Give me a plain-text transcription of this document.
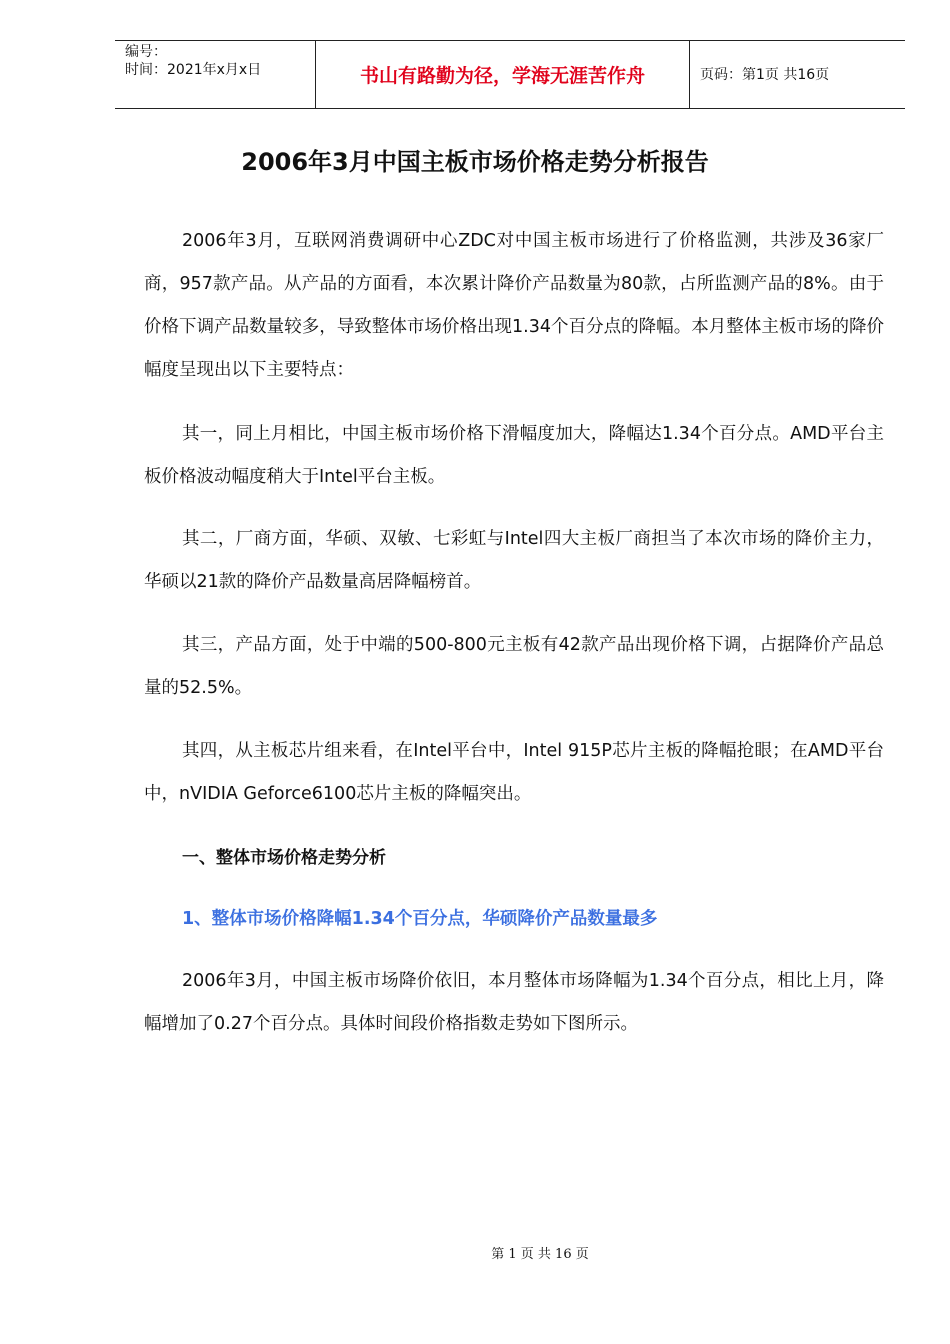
编号：
时间：2021年x月x日	书山有路勤为径，学海无涯苦作舟	页码：第1页 共16页
2006年3月中国主板市场价格走势分析报告

2006年3月，互联网消费调研中心ZDC对中国主板市场进行了价格监测，共涉及36家厂商，957款产品。从产品的方面看，本次累计降价产品数量为80款，占所监测产品的8%。由于价格下调产品数量较多，导致整体市场价格出现1.34个百分点的降幅。本月整体主板市场的降价幅度呈现出以下主要特点：

其一，同上月相比，中国主板市场价格下滑幅度加大，降幅达1.34个百分点。AMD平台主板价格波动幅度稍大于Intel平台主板。

其二，厂商方面，华硕、双敏、七彩虹与Intel四大主板厂商担当了本次市场的降价主力，华硕以21款的降价产品数量高居降幅榜首。

其三，产品方面，处于中端的500-800元主板有42款产品出现价格下调，占据降价产品总量的52.5%。

其四，从主板芯片组来看，在Intel平台中，Intel 915P芯片主板的降幅抢眼；在AMD平台中，nVIDIA Geforce6100芯片主板的降幅突出。

一、整体市场价格走势分析
1、整体市场价格降幅1.34个百分点，华硕降价产品数量最多

2006年3月，中国主板市场降价依旧，本月整体市场降幅为1.34个百分点，相比上月，降幅增加了0.27个百分点。具体时间段价格指数走势如下图所示。

第 1 页 共 16 页
